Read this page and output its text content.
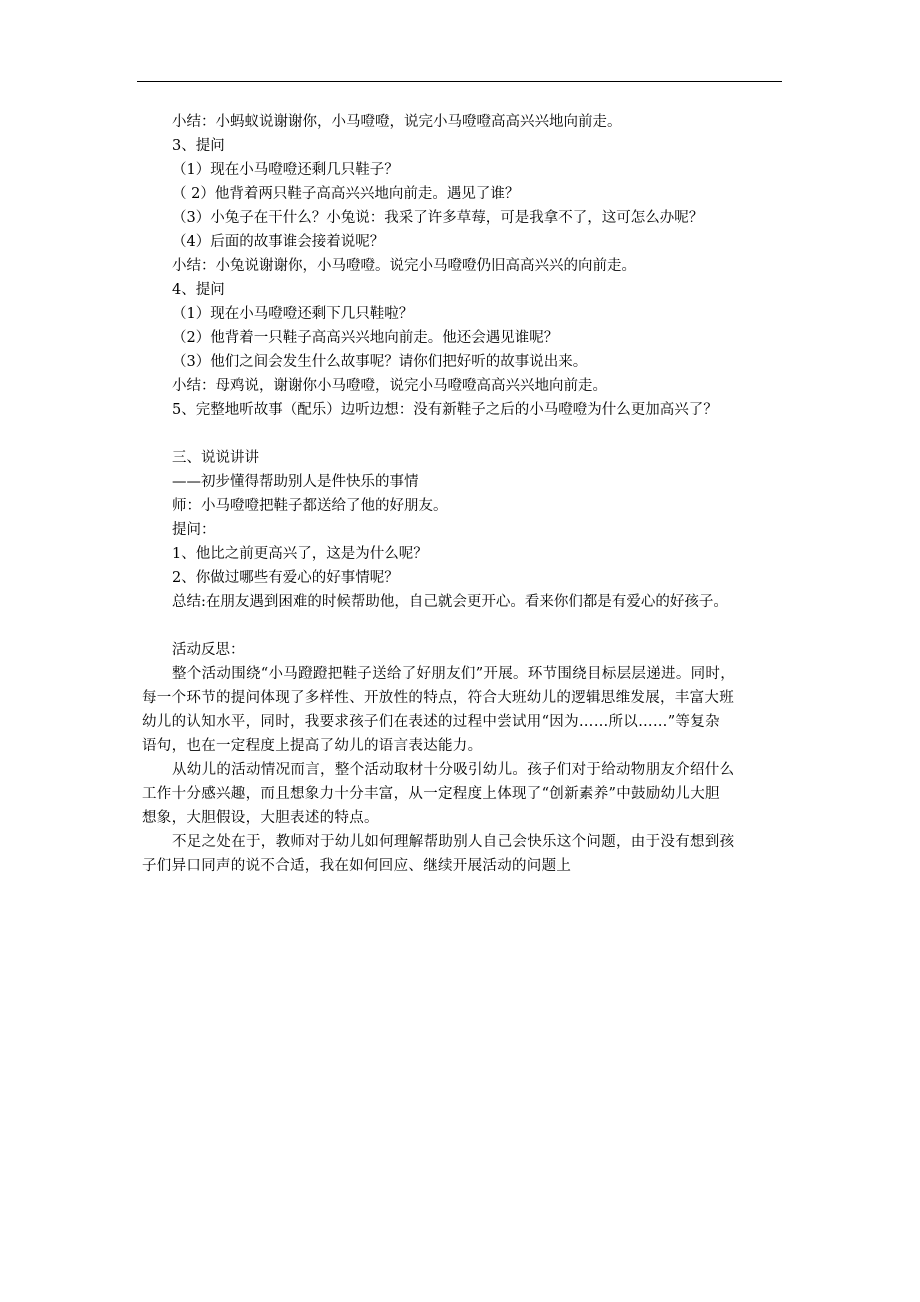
小结：小蚂蚁说谢谢你，小马噔噔，说完小马噔噔高高兴兴地向前走。
3、提问
（1）现在小马噔噔还剩几只鞋子？
（ 2）他背着两只鞋子高高兴兴地向前走。遇见了谁？
（3）小兔子在干什么？小兔说：我采了许多草莓，可是我拿不了，这可怎么办呢？
（4）后面的故事谁会接着说呢？
小结：小兔说谢谢你，小马噔噔。说完小马噔噔仍旧高高兴兴的向前走。
4、提问
（1）现在小马噔噔还剩下几只鞋啦？
（2）他背着一只鞋子高高兴兴地向前走。他还会遇见谁呢？
（3）他们之间会发生什么故事呢？请你们把好听的故事说出来。
小结：母鸡说，谢谢你小马噔噔，说完小马噔噔高高兴兴地向前走。
5、完整地听故事（配乐）边听边想：没有新鞋子之后的小马噔噔为什么更加高兴了？
三、说说讲讲
——初步懂得帮助别人是件快乐的事情
师：小马噔噔把鞋子都送给了他的好朋友。
提问：
1、他比之前更高兴了，这是为什么呢？
2、你做过哪些有爱心的好事情呢？
总结:在朋友遇到困难的时候帮助他，自己就会更开心。看来你们都是有爱心的好孩子。
活动反思：
整个活动围绕“小马蹬蹬把鞋子送给了好朋友们”开展。环节围绕目标层层递进。同时，
每一个环节的提问体现了多样性、开放性的特点，符合大班幼儿的逻辑思维发展，丰富大班
幼儿的认知水平，同时，我要求孩子们在表述的过程中尝试用“因为……所以……”等复杂
语句，也在一定程度上提高了幼儿的语言表达能力。
从幼儿的活动情况而言，整个活动取材十分吸引幼儿。孩子们对于给动物朋友介绍什么
工作十分感兴趣，而且想象力十分丰富，从一定程度上体现了“创新素养”中鼓励幼儿大胆
想象，大胆假设，大胆表述的特点。
不足之处在于，教师对于幼儿如何理解帮助别人自己会快乐这个问题，由于没有想到孩
子们异口同声的说不合适，我在如何回应、继续开展活动的问题上
